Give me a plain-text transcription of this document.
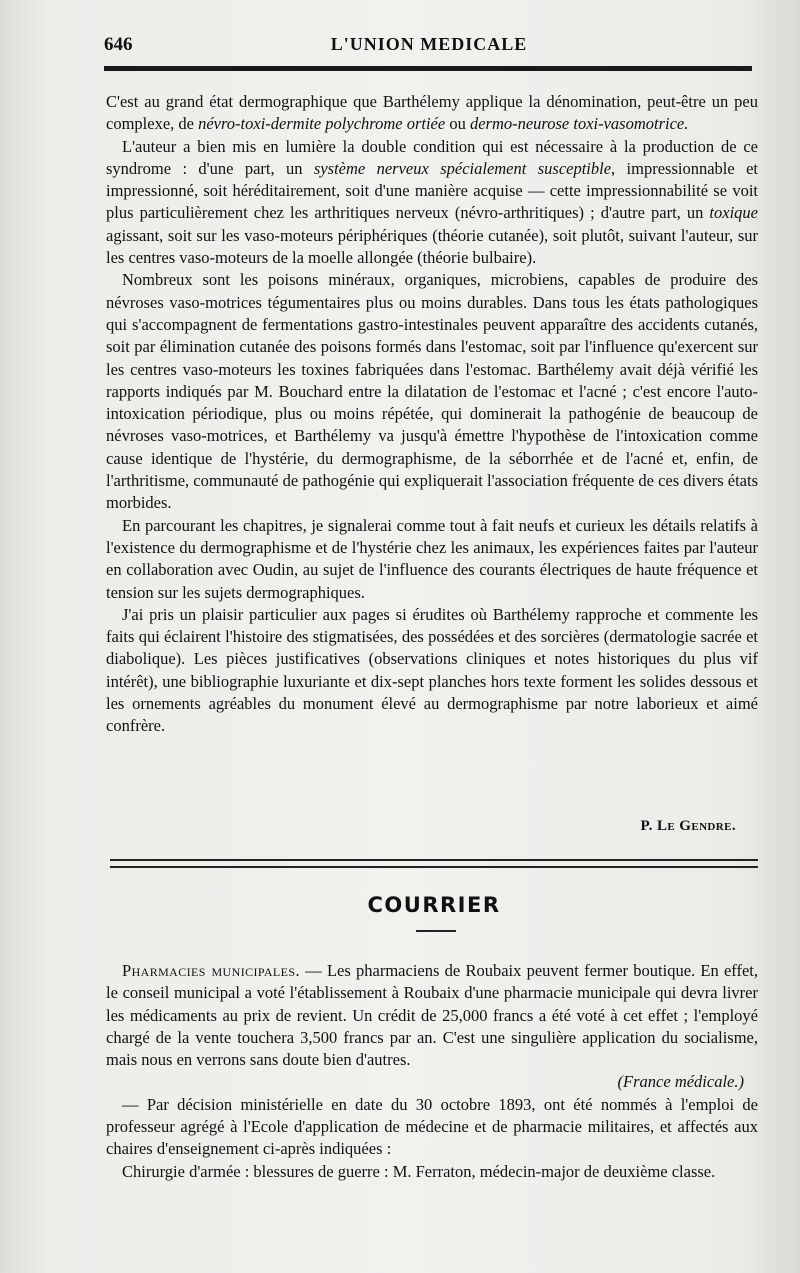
646	L'UNION MEDICALE

C'est au grand état dermographique que Barthélemy applique la dénomination, peut-être un peu complexe, de névro-toxi-dermite polychrome ortiée ou dermo-neurose toxi-vasomotrice.

L'auteur a bien mis en lumière la double condition qui est nécessaire à la production de ce syndrome : d'une part, un système nerveux spécialement susceptible, impressionnable et impressionné, soit héréditairement, soit d'une manière acquise — cette impressionnabilité se voit plus particulièrement chez les arthritiques nerveux (névro-arthritiques) ; d'autre part, un toxique agissant, soit sur les vaso-moteurs périphériques (théorie cutanée), soit plutôt, suivant l'auteur, sur les centres vaso-moteurs de la moelle allongée (théorie bulbaire).

Nombreux sont les poisons minéraux, organiques, microbiens, capables de produire des névroses vaso-motrices tégumentaires plus ou moins durables. Dans tous les états pathologiques qui s'accompagnent de fermentations gastro-intestinales peuvent apparaître des accidents cutanés, soit par élimination cutanée des poisons formés dans l'estomac, soit par l'influence qu'exercent sur les centres vaso-moteurs les toxines fabriquées dans l'estomac. Barthélemy avait déjà vérifié les rapports indiqués par M. Bouchard entre la dilatation de l'estomac et l'acné ; c'est encore l'auto-intoxication périodique, plus ou moins répétée, qui dominerait la pathogénie de beaucoup de névroses vaso-motrices, et Barthélemy va jusqu'à émettre l'hypothèse de l'intoxication comme cause identique de l'hystérie, du dermographisme, de la séborrhée et de l'acné et, enfin, de l'arthritisme, communauté de pathogénie qui expliquerait l'association fréquente de ces divers états morbides.

En parcourant les chapitres, je signalerai comme tout à fait neufs et curieux les détails relatifs à l'existence du dermographisme et de l'hystérie chez les animaux, les expériences faites par l'auteur en collaboration avec Oudin, au sujet de l'influence des courants électriques de haute fréquence et tension sur les sujets dermographiques.

J'ai pris un plaisir particulier aux pages si érudites où Barthélemy rapproche et commente les faits qui éclairent l'histoire des stigmatisées, des possédées et des sorcières (dermatologie sacrée et diabolique). Les pièces justificatives (observations cliniques et notes historiques du plus vif intérêt), une bibliographie luxuriante et dix-sept planches hors texte forment les solides dessous et les ornements agréables du monument élevé au dermographisme par notre laborieux et aimé confrère.

P. Le Gendre.
COURRIER

Pharmacies municipales. — Les pharmaciens de Roubaix peuvent fermer boutique. En effet, le conseil municipal a voté l'établissement à Roubaix d'une pharmacie municipale qui devra livrer les médicaments au prix de revient. Un crédit de 25,000 francs a été voté à cet effet ; l'employé chargé de la vente touchera 3,500 francs par an. C'est une singulière application du socialisme, mais nous en verrons sans doute bien d'autres.

(France médicale.)

— Par décision ministérielle en date du 30 octobre 1893, ont été nommés à l'emploi de professeur agrégé à l'Ecole d'application de médecine et de pharmacie militaires, et affectés aux chaires d'enseignement ci-après indiquées :

Chirurgie d'armée : blessures de guerre : M. Ferraton, médecin-major de deuxième classe.
